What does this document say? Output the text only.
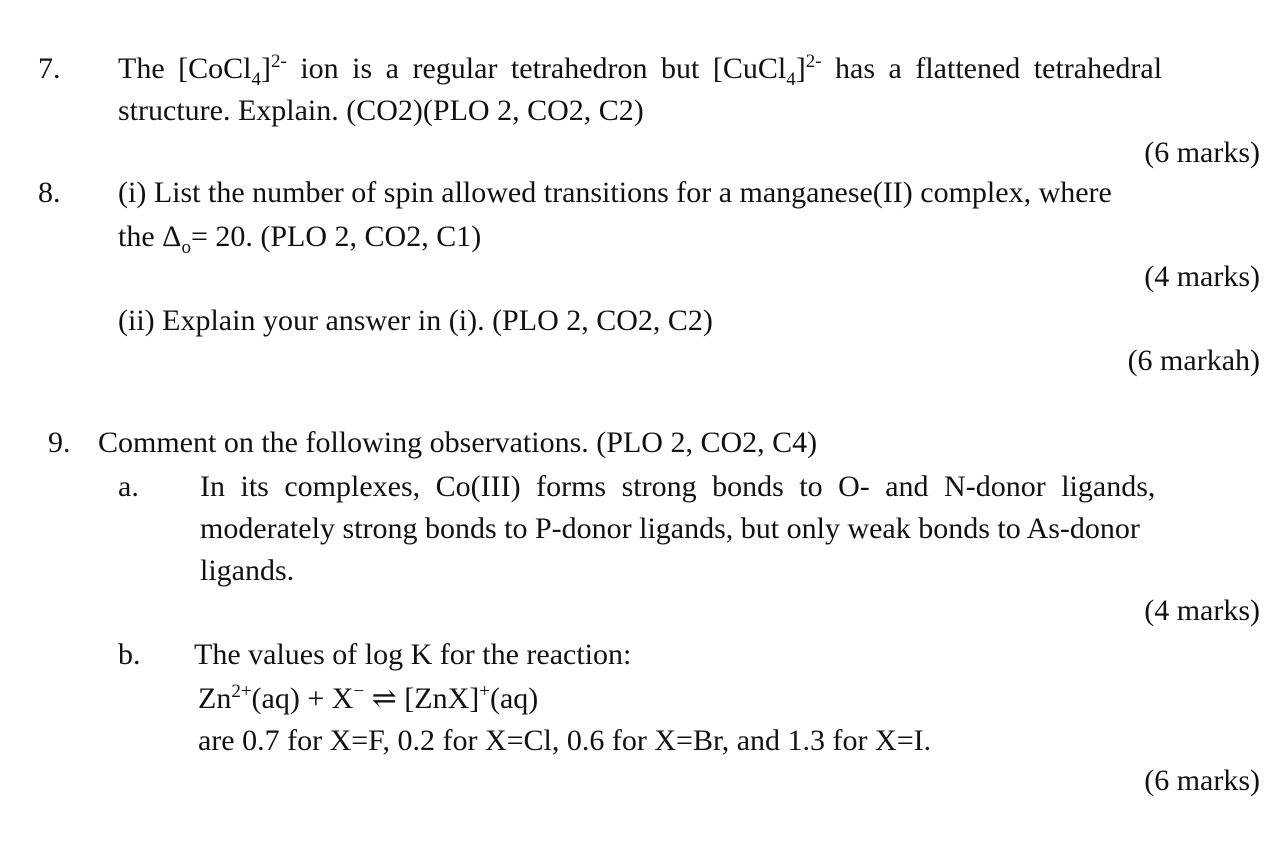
7. The [CoCl$_4$]$^{2-}$ ion is a regular tetrahedron but [CuCl$_4$]$^{2-}$ has a flattened tetrahedral
structure. Explain. (CO2)(PLO 2, CO2, C2)
(6 marks)
8. (i) List the number of spin allowed transitions for a manganese(II) complex, where
the $\Delta_o= 20$. (PLO 2, CO2, C1)
(4 marks)
(ii) Explain your answer in (i). (PLO 2, CO2, C2)
(6 markah)
9. Comment on the following observations. (PLO 2, CO2, C4)
a. In its complexes, Co(III) forms strong bonds to O- and N-donor ligands,
moderately strong bonds to P-donor ligands, but only weak bonds to As-donor
ligands.
(4 marks)
b. The values of log K for the reaction:
$Zn^{2+}(aq) + X^-$ ⇌ [ZnX]+(aq)
are 0.7 for X=F, 0.2 for X=Cl, 0.6 for X=Br, and 1.3 for X=I.
(6 marks)
